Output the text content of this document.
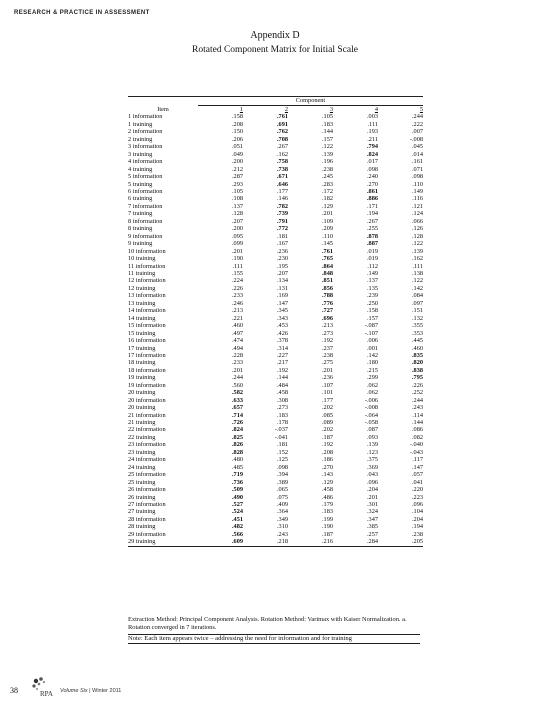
RESEARCH & PRACTICE IN ASSESSMENT
Appendix D
Rotated Component Matrix for Initial Scale
	Component				
Item	1	2	3	4	5
1 information	.158	.761	.105	.003	.244
1 training	.208	.691	.183	.111	.222
2 information	.150	.762	.144	.193	.007
2 training	.206	.708	.157	.211	-.008
3 information	.051	.267	.122	.794	.045
3 training	.049	.162	.139	.824	.014
4 information	.200	.758	.196	.017	.161
4 training	.212	.738	.238	.098	.071
5 information	.287	.671	.245	.240	.098
5 training	.293	.646	.283	.270	.110
6 information	.105	.177	.172	.861	.149
6 training	.108	.146	.182	.886	.116
7 information	.137	.782	.129	.171	.121
7 training	.128	.739	.201	.194	.124
8 information	.207	.791	.109	.267	.066
8 training	.200	.772	.209	.255	.126
9 information	.095	.181	.110	.878	.128
9 training	.099	.167	.145	.887	.122
10 information	.201	.236	.761	.019	.139
10 training	.190	.230	.765	.019	.162
11 information	.111	.195	.864	.112	.111
11 training	.155	.207	.848	.149	.138
12 information	.224	.134	.851	.137	.122
12 training	.226	.131	.856	.135	.142
13 information	.233	.169	.788	.239	.084
13 training	.246	.147	.776	.250	.097
14 information	.213	.345	.727	.158	.151
14 training	.221	.343	.696	.157	.132
15 information	.460	.453	.213	-.087	.355
15 training	.497	.426	.273	-.107	.353
16 information	.474	.378	.192	.006	.445
17 training	.494	.314	.237	.001	.460
17 information	.228	.227	.238	.142	.835
18 training	.233	.217	.275	.180	.820
18 information	.201	.192	.201	.215	.838
19 training	.244	.144	.236	.299	.795
19 information	.560	.484	.107	.062	.226
20 training	.582	.458	.101	.062	.252
20 information	.633	.308	.177	-.006	.244
20 training	.657	.273	.202	-.008	.243
21 information	.714	.183	.085	-.064	.114
21 training	.726	.178	.089	-.058	.144
22 information	.824	-.037	.202	.087	.086
22 training	.825	-.041	.187	.093	.082
23 information	.826	.181	.192	.139	-.040
23 training	.828	.152	.208	.123	-.043
24 information	.480	.125	.186	.375	.117
24 training	.485	.098	.270	.369	.147
25 information	.719	.394	.143	.043	.057
25 training	.736	.389	.129	.096	.041
26 information	.509	.065	.458	.204	.220
26 training	.490	.075	.486	.201	.223
27 information	.527	.409	.179	.301	.096
27 training	.524	.364	.183	.324	.104
28 information	.451	.349	.199	.347	.204
28 training	.482	.310	.190	.385	.194
29 information	.566	.243	.187	.257	.238
29 training	.609	.218	.216	.284	.205
Extraction Method: Principal Component Analysis. Rotation Method: Varimax with Kaiser Normalization. a. Rotation converged in 7 iterations.
Note: Each item appears twice – addressing the need for information and for training
38	RPA Volume Six | Winter 2011
